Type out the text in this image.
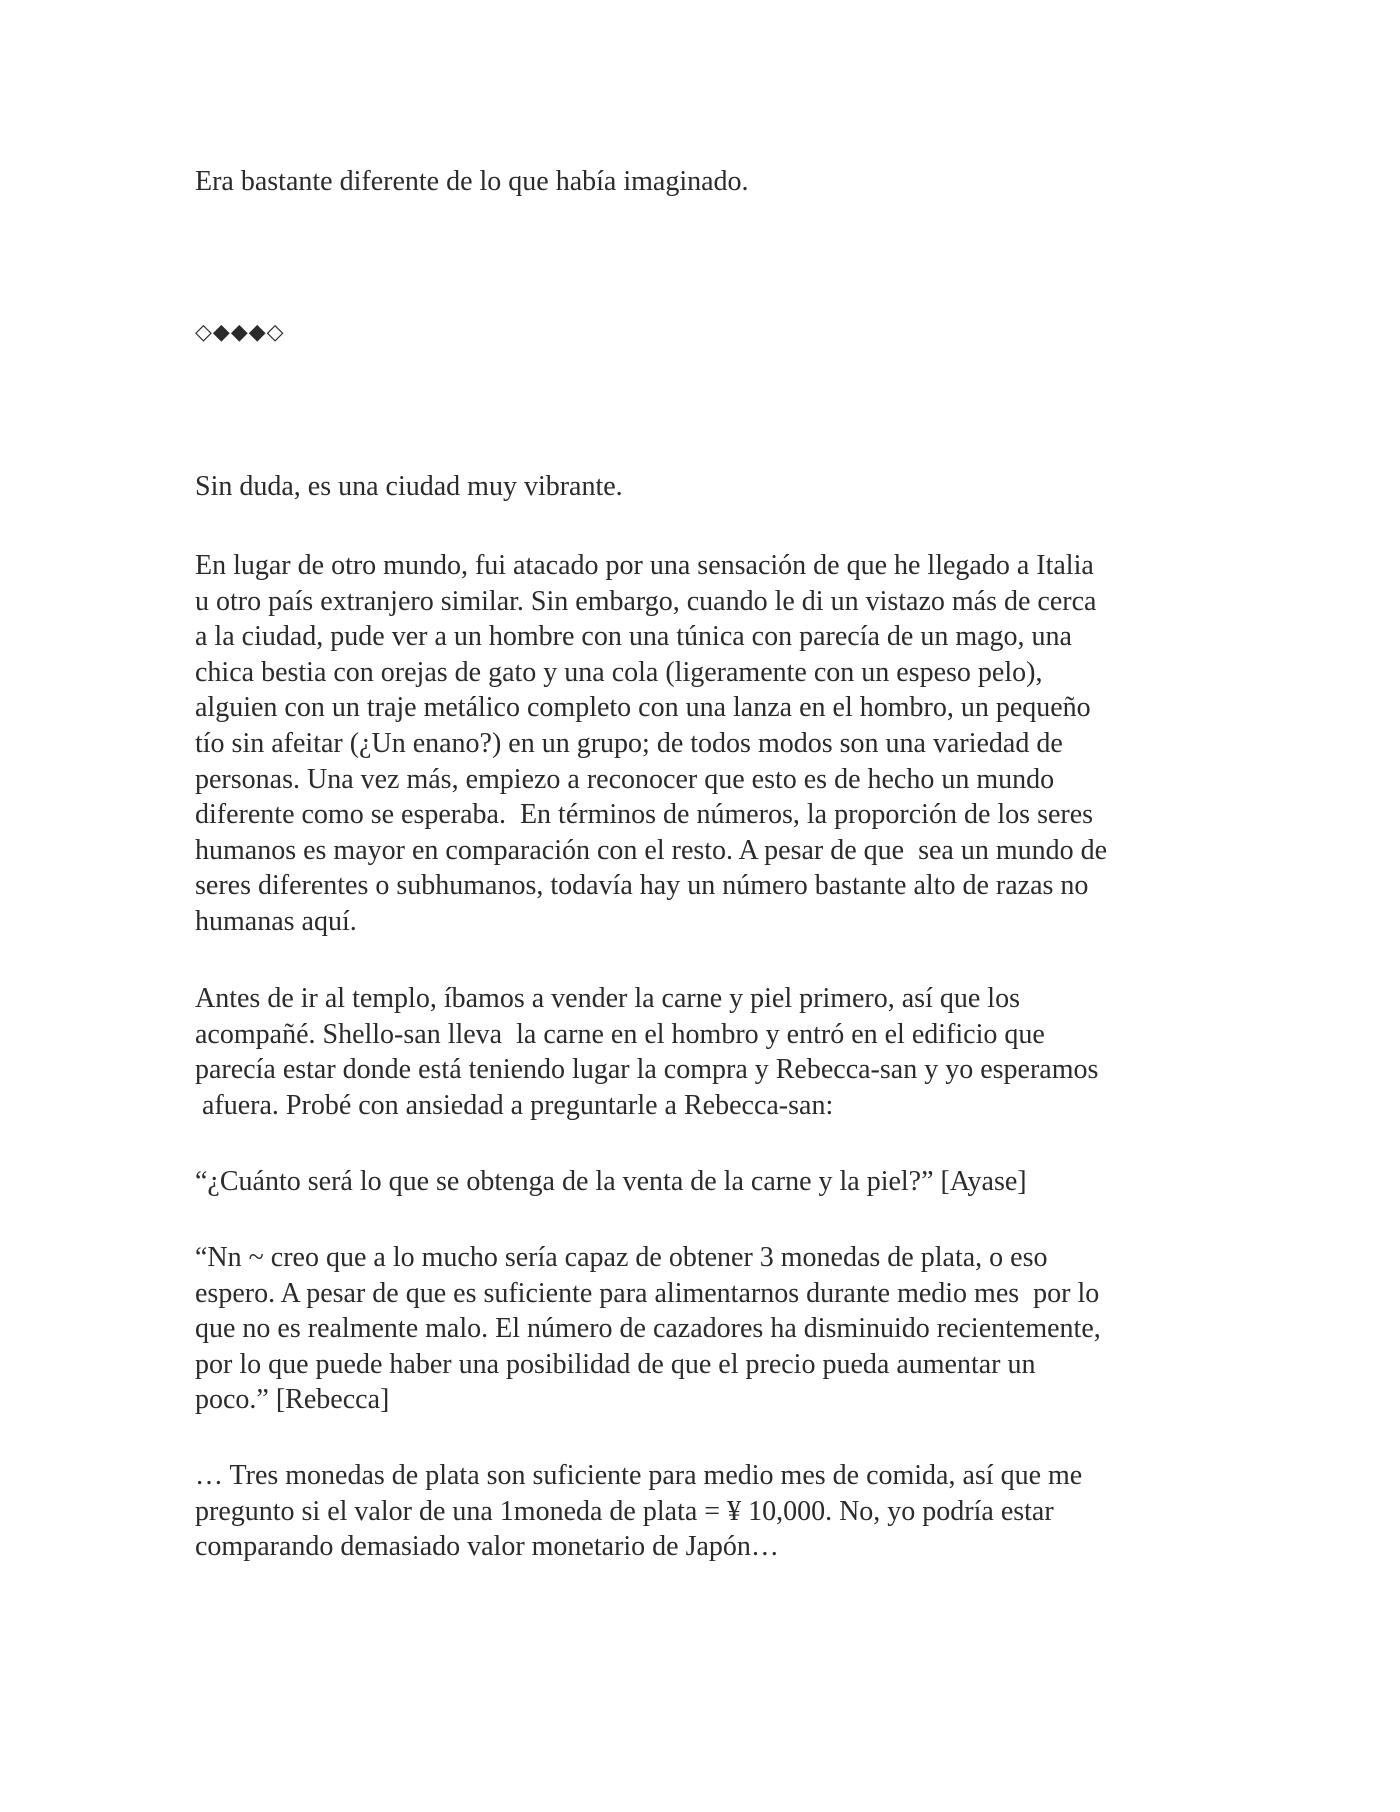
Era bastante diferente de lo que había imaginado.

◇◆◆◆◇

Sin duda, es una ciudad muy vibrante.

En lugar de otro mundo, fui atacado por una sensación de que he llegado a Italia
u otro país extranjero similar. Sin embargo, cuando le di un vistazo más de cerca
a la ciudad, pude ver a un hombre con una túnica con parecía de un mago, una
chica bestia con orejas de gato y una cola (ligeramente con un espeso pelo),
alguien con un traje metálico completo con una lanza en el hombro, un pequeño
tío sin afeitar (¿Un enano?) en un grupo; de todos modos son una variedad de
personas. Una vez más, empiezo a reconocer que esto es de hecho un mundo
diferente como se esperaba.  En términos de números, la proporción de los seres
humanos es mayor en comparación con el resto. A pesar de que  sea un mundo de
seres diferentes o subhumanos, todavía hay un número bastante alto de razas no
humanas aquí.

Antes de ir al templo, íbamos a vender la carne y piel primero, así que los
acompañé. Shello-san lleva  la carne en el hombro y entró en el edificio que
parecía estar donde está teniendo lugar la compra y Rebecca-san y yo esperamos
afuera. Probé con ansiedad a preguntarle a Rebecca-san:

“¿Cuánto será lo que se obtenga de la venta de la carne y la piel?” [Ayase]

“Nn ~ creo que a lo mucho sería capaz de obtener 3 monedas de plata, o eso
espero. A pesar de que es suficiente para alimentarnos durante medio mes  por lo
que no es realmente malo. El número de cazadores ha disminuido recientemente,
por lo que puede haber una posibilidad de que el precio pueda aumentar un
poco.” [Rebecca]

… Tres monedas de plata son suficiente para medio mes de comida, así que me
pregunto si el valor de una 1moneda de plata = ¥ 10,000. No, yo podría estar
comparando demasiado valor monetario de Japón…
